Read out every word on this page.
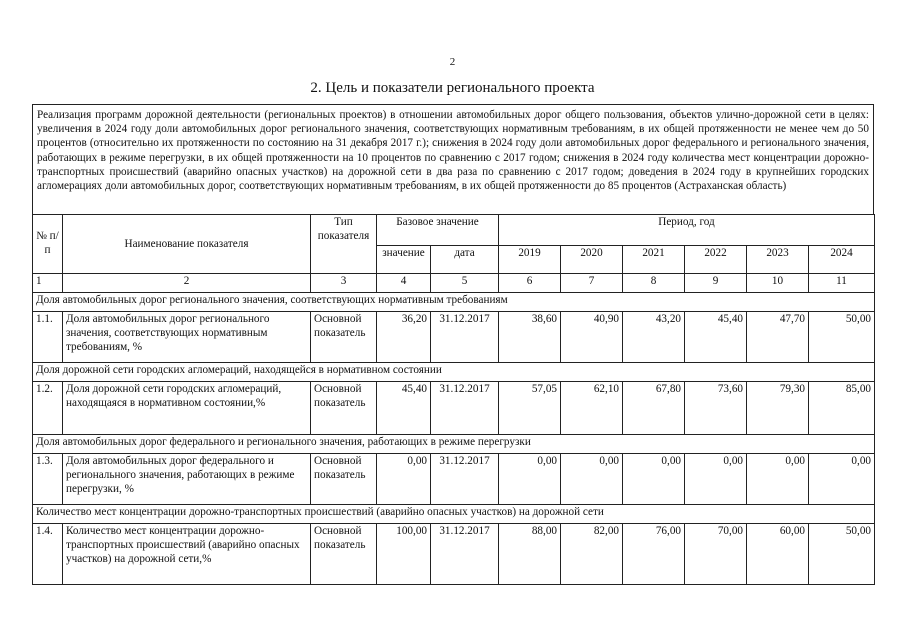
2
2. Цель и показатели регионального проекта
Реализация программ дорожной деятельности (региональных проектов) в отношении автомобильных дорог общего пользования, объектов улично-дорожной сети в целях: увеличения в 2024 году доли автомобильных дорог регионального значения, соответствующих нормативным требованиям, в их общей протяженности не менее чем до 50 процентов (относительно их протяженности по состоянию на 31 декабря 2017 г.); снижения в 2024 году доли автомобильных дорог федерального и регионального значения, работающих в режиме перегрузки, в их общей протяженности на 10 процентов по сравнению с 2017 годом; снижения в 2024 году количества мест концентрации дорожно-транспортных происшествий (аварийно опасных участков) на дорожной сети в два раза по сравнению с 2017 годом; доведения в 2024 году в крупнейших городских агломерациях доли автомобильных дорог, соответствующих нормативным требованиям, в их общей протяженности до 85 процентов (Астраханская область)
№ п/п	Наименование показателя	Тип показателя	Базовое значение		Период, год					
			значение	дата	2019	2020	2021	2022	2023	2024
1	2	3	4	5	6	7	8	9	10	11
Доля автомобильных дорог регионального значения, соответствующих нормативным требованиям										
1.1.	Доля автомобильных дорог регионального значения, соответствующих нормативным требованиям, %	Основной показатель	36,20	31.12.2017	38,60	40,90	43,20	45,40	47,70	50,00
Доля дорожной сети городских агломераций, находящейся в нормативном состоянии										
1.2.	Доля дорожной сети городских агломераций, находящаяся в нормативном состоянии,%	Основной показатель	45,40	31.12.2017	57,05	62,10	67,80	73,60	79,30	85,00
Доля автомобильных дорог федерального и регионального значения, работающих в режиме перегрузки										
1.3.	Доля автомобильных дорог федерального и регионального значения, работающих в режиме перегрузки, %	Основной показатель	0,00	31.12.2017	0,00	0,00	0,00	0,00	0,00	0,00
Количество мест концентрации дорожно-транспортных происшествий (аварийно опасных участков) на дорожной сети										
1.4.	Количество мест концентрации дорожно-транспортных происшествий (аварийно опасных участков) на дорожной сети,%	Основной показатель	100,00	31.12.2017	88,00	82,00	76,00	70,00	60,00	50,00
